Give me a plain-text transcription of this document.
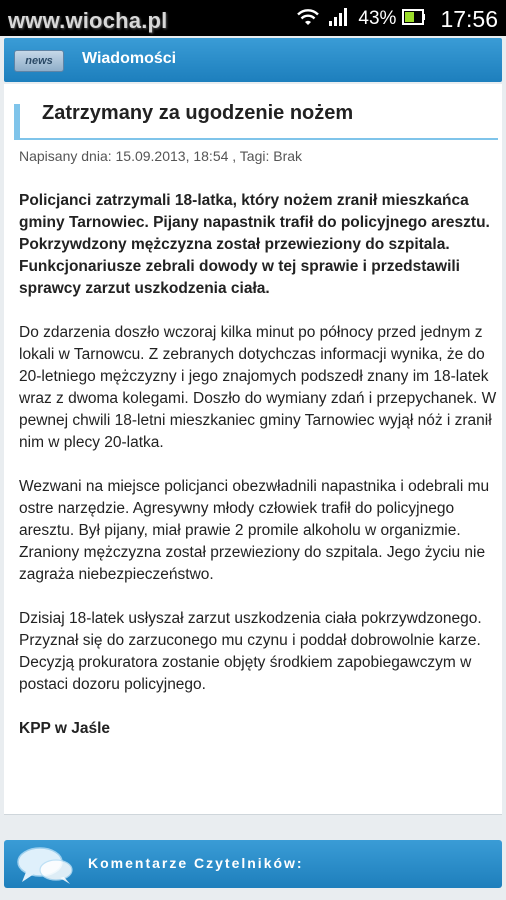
www.wiocha.pl	43% 17:56
news	Wiadomości
Zatrzymany za ugodzenie nożem
Napisany dnia: 15.09.2013, 18:54 , Tagi: Brak

Policjanci zatrzymali 18-latka, który nożem zranił mieszkańca gminy Tarnowiec. Pijany napastnik trafił do policyjnego aresztu. Pokrzywdzony mężczyzna został przewieziony do szpitala. Funkcjonariusze zebrali dowody w tej sprawie i przedstawili sprawcy zarzut uszkodzenia ciała.

Do zdarzenia doszło wczoraj kilka minut po północy przed jednym z lokali w Tarnowcu. Z zebranych dotychczas informacji wynika, że do 20-letniego mężczyzny i jego znajomych podszedł znany im 18-latek wraz z dwoma kolegami. Doszło do wymiany zdań i przepychanek. W pewnej chwili 18-letni mieszkaniec gminy Tarnowiec wyjął nóż i zranił nim w plecy 20-latka.

Wezwani na miejsce policjanci obezwładnili napastnika i odebrali mu ostre narzędzie. Agresywny młody człowiek trafił do policyjnego aresztu. Był pijany, miał prawie 2 promile alkoholu w organizmie. Zraniony mężczyzna został przewieziony do szpitala. Jego życiu nie zagraża niebezpieczeństwo.

Dzisiaj 18-latek usłyszał zarzut uszkodzenia ciała pokrzywdzonego. Przyznał się do zarzuconego mu czynu i poddał dobrowolnie karze. Decyzją prokuratora zostanie objęty środkiem zapobiegawczym w postaci dozoru policyjnego.

KPP w Jaśle

Komentarze Czytelników:
